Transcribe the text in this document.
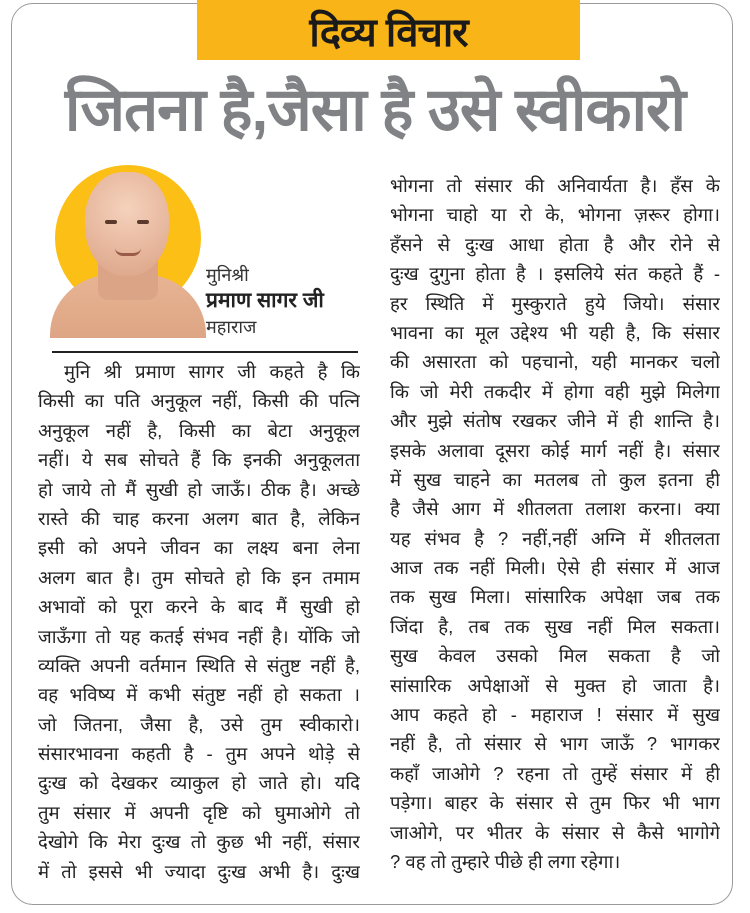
दिव्य विचार
जितना है,जैसा है उसे स्वीकारो
मुनिश्री
प्रमाण सागर जी
महाराज
मुनि श्री प्रमाण सागर जी कहते है कि
किसी का पति अनुकूल नहीं, किसी की पत्नि
अनुकूल नहीं है, किसी का बेटा अनुकूल
नहीं। ये सब सोचते हैं कि इनकी अनुकूलता
हो जाये तो मैं सुखी हो जाऊँ। ठीक है। अच्छे
रास्ते की चाह करना अलग बात है, लेकिन
इसी को अपने जीवन का लक्ष्य बना लेना
अलग बात है। तुम सोचते हो कि इन तमाम
अभावों को पूरा करने के बाद मैं सुखी हो
जाऊँगा तो यह कतई संभव नहीं है। योंकि जो
व्यक्ति अपनी वर्तमान स्थिति से संतुष्ट नहीं है,
वह भविष्य में कभी संतुष्ट नहीं हो सकता ।
जो जितना, जैसा है, उसे तुम स्वीकारो।
संसारभावना कहती है - तुम अपने थोड़े से
दुःख को देखकर व्याकुल हो जाते हो। यदि
तुम संसार में अपनी दृष्टि को घुमाओगे तो
देखोगे कि मेरा दुःख तो कुछ भी नहीं, संसार
में तो इससे भी ज्यादा दुःख अभी है। दुःख
भोगना तो संसार की अनिवार्यता है। हँस के
भोगना चाहो या रो के, भोगना ज़रूर होगा।
हँसने से दुःख आधा होता है और रोने से
दुःख दुगुना होता है । इसलिये संत कहते हैं -
हर स्थिति में मुस्कुराते हुये जियो। संसार
भावना का मूल उद्देश्य भी यही है, कि संसार
की असारता को पहचानो, यही मानकर चलो
कि जो मेरी तकदीर में होगा वही मुझे मिलेगा
और मुझे संतोष रखकर जीने में ही शान्ति है।
इसके अलावा दूसरा कोई मार्ग नहीं है। संसार
में सुख चाहने का मतलब तो कुल इतना ही
है जैसे आग में शीतलता तलाश करना। क्या
यह संभव है ? नहीं,नहीं अग्नि में शीतलता
आज तक नहीं मिली। ऐसे ही संसार में आज
तक सुख मिला। सांसारिक अपेक्षा जब तक
जिंदा है, तब तक सुख नहीं मिल सकता।
सुख केवल उसको मिल सकता है जो
सांसारिक अपेक्षाओं से मुक्त हो जाता है।
आप कहते हो - महाराज ! संसार में सुख
नहीं है, तो संसार से भाग जाऊँ ? भागकर
कहाँ जाओगे ? रहना तो तुम्हें संसार में ही
पड़ेगा। बाहर के संसार से तुम फिर भी भाग
जाओगे, पर भीतर के संसार से कैसे भागोगे
? वह तो तुम्हारे पीछे ही लगा रहेगा।
